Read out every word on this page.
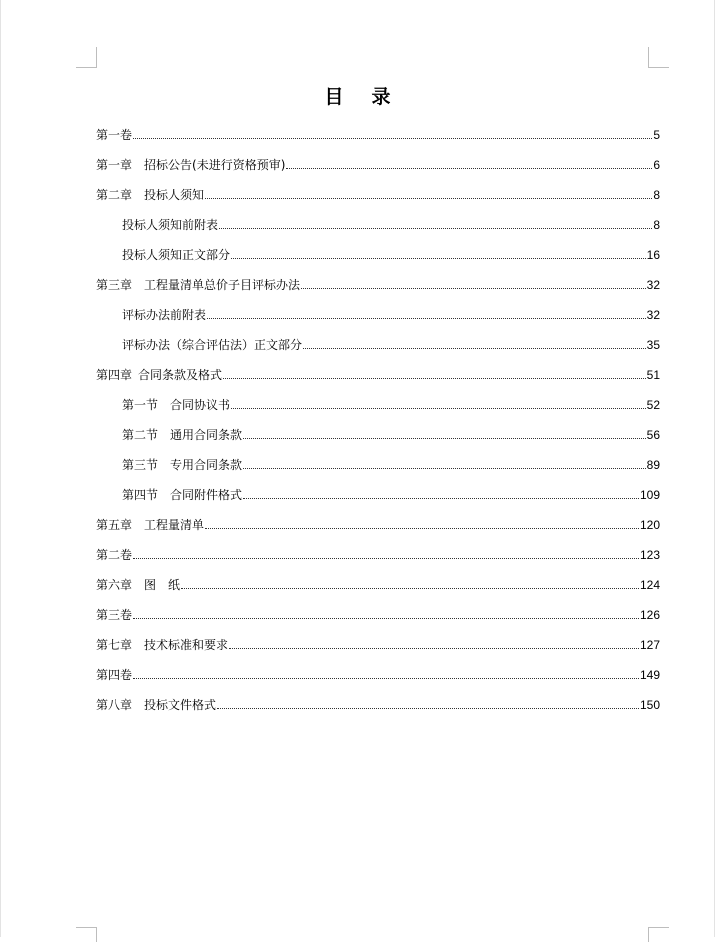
目 录
第一卷	5
第一章 招标公告(未进行资格预审)	6
第二章 投标人须知	8
投标人须知前附表	8
投标人须知正文部分	16
第三章 工程量清单总价子目评标办法	32
评标办法前附表	32
评标办法（综合评估法）正文部分	35
第四章 合同条款及格式	51
第一节 合同协议书	52
第二节 通用合同条款	56
第三节 专用合同条款	89
第四节 合同附件格式	109
第五章 工程量清单	120
第二卷	123
第六章 图　纸	124
第三卷	126
第七章 技术标准和要求	127
第四卷	149
第八章 投标文件格式	150
